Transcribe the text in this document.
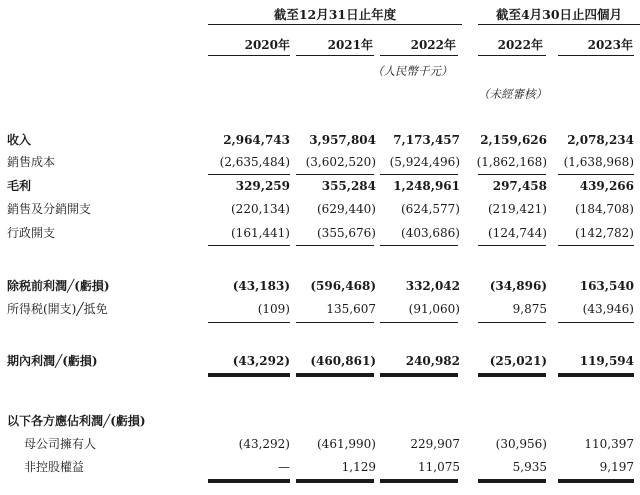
截至12月31日止年度	截至4月30日止四個月
2020年	2021年	2022年	2022年	2023年
（人民幣千元）
（未經審核）
收入	2,964,743	3,957,804	7,173,457	2,159,626	2,078,234
銷售成本	(2,635,484)	(3,602,520)	(5,924,496)	(1,862,168)	(1,638,968)
毛利	329,259	355,284	1,248,961	297,458	439,266
銷售及分銷開支	(220,134)	(629,440)	(624,577)	(219,421)	(184,708)
行政開支	(161,441)	(355,676)	(403,686)	(124,744)	(142,782)
除税前利潤╱(虧損)	(43,183)	(596,468)	332,042	(34,896)	163,540
所得税(開支)╱抵免	(109)	135,607	(91,060)	9,875	(43,946)
期內利潤╱(虧損)	(43,292)	(460,861)	240,982	(25,021)	119,594
以下各方應佔利潤╱(虧損)
母公司擁有人	(43,292)	(461,990)	229,907	(30,956)	110,397
非控股權益	—	1,129	11,075	5,935	9,197
